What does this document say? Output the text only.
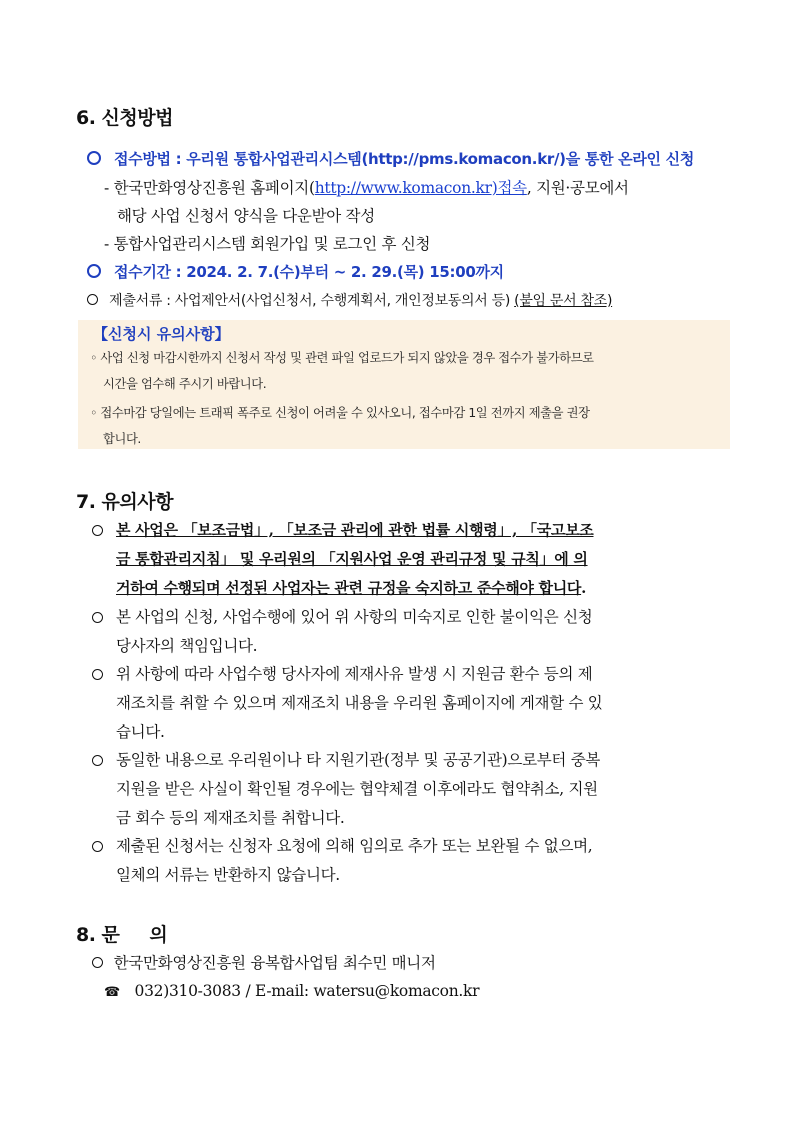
6. 신청방법
접수방법 : 우리원 통합사업관리시스템(http://pms.komacon.kr/)을 통한 온라인 신청
- 한국만화영상진흥원 홈페이지(http://www.komacon.kr)접속, 지원·공모에서
해당 사업 신청서 양식을 다운받아 작성
- 통합사업관리시스템 회원가입 및 로그인 후 신청
접수기간 : 2024. 2. 7.(수)부터 ~ 2. 29.(목) 15:00까지
제출서류 : 사업제안서(사업신청서, 수행계획서, 개인정보동의서 등) (붙임 문서 참조)
【신청시 유의사항】
◦ 사업 신청 마감시한까지 신청서 작성 및 관련 파일 업로드가 되지 않았을 경우 접수가 불가하므로
시간을 엄수해 주시기 바랍니다.
◦ 접수마감 당일에는 트래픽 폭주로 신청이 어려울 수 있사오니, 접수마감 1일 전까지 제출을 권장
합니다.
7. 유의사항
본 사업은 「보조금법」, 「보조금 관리에 관한 법률 시행령」, 「국고보조
금 통합관리지침」 및 우리원의 「지원사업 운영 관리규정 및 규칙」에 의
거하여 수행되며 선정된 사업자는 관련 규정을 숙지하고 준수해야 합니다.
본 사업의 신청, 사업수행에 있어 위 사항의 미숙지로 인한 불이익은 신청
당사자의 책임입니다.
위 사항에 따라 사업수행 당사자에 제재사유 발생 시 지원금 환수 등의 제
재조치를 취할 수 있으며 제재조치 내용을 우리원 홈페이지에 게재할 수 있
습니다.
동일한 내용으로 우리원이나 타 지원기관(정부 및 공공기관)으로부터 중복
지원을 받은 사실이 확인될 경우에는 협약체결 이후에라도 협약취소, 지원
금 회수 등의 제재조치를 취합니다.
제출된 신청서는 신청자 요청에 의해 임의로 추가 또는 보완될 수 없으며,
일체의 서류는 반환하지 않습니다.
8. 문 의
한국만화영상진흥원 융복합사업팀 최수민 매니저
☎ 032)310-3083 / E-mail: watersu@komacon.kr
